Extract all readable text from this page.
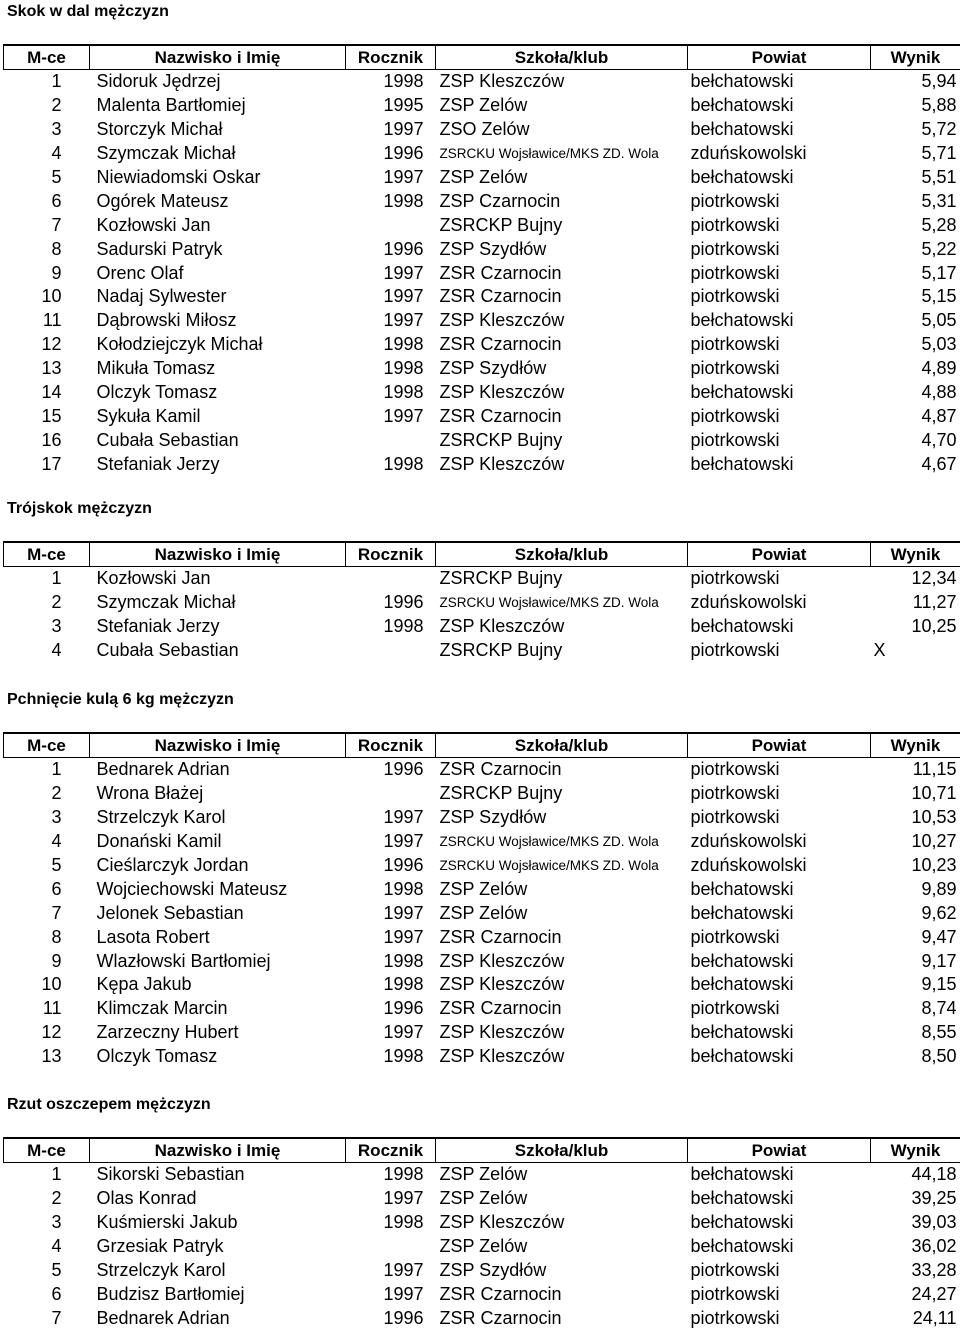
Skok w dal mężczyzn
M-ce	Nazwisko i Imię	Rocznik	Szkoła/klub	Powiat	Wynik
1	Sidoruk Jędrzej	1998	ZSP Kleszczów	bełchatowski	5,94
2	Malenta Bartłomiej	1995	ZSP Zelów	bełchatowski	5,88
3	Storczyk Michał	1997	ZSO Zelów	bełchatowski	5,72
4	Szymczak Michał	1996	ZSRCKU Wojsławice/MKS ZD. Wola	zduńskowolski	5,71
5	Niewiadomski Oskar	1997	ZSP Zelów	bełchatowski	5,51
6	Ogórek Mateusz	1998	ZSP Czarnocin	piotrkowski	5,31
7	Kozłowski Jan		ZSRCKP Bujny	piotrkowski	5,28
8	Sadurski Patryk	1996	ZSP Szydłów	piotrkowski	5,22
9	Orenc Olaf	1997	ZSR Czarnocin	piotrkowski	5,17
10	Nadaj Sylwester	1997	ZSR Czarnocin	piotrkowski	5,15
11	Dąbrowski Miłosz	1997	ZSP Kleszczów	bełchatowski	5,05
12	Kołodziejczyk Michał	1998	ZSR Czarnocin	piotrkowski	5,03
13	Mikuła Tomasz	1998	ZSP Szydłów	piotrkowski	4,89
14	Olczyk Tomasz	1998	ZSP Kleszczów	bełchatowski	4,88
15	Sykuła Kamil	1997	ZSR Czarnocin	piotrkowski	4,87
16	Cubała Sebastian		ZSRCKP Bujny	piotrkowski	4,70
17	Stefaniak Jerzy	1998	ZSP Kleszczów	bełchatowski	4,67
Trójskok mężczyzn
M-ce	Nazwisko i Imię	Rocznik	Szkoła/klub	Powiat	Wynik
1	Kozłowski Jan		ZSRCKP Bujny	piotrkowski	12,34
2	Szymczak Michał	1996	ZSRCKU Wojsławice/MKS ZD. Wola	zduńskowolski	11,27
3	Stefaniak Jerzy	1998	ZSP Kleszczów	bełchatowski	10,25
4	Cubała Sebastian		ZSRCKP Bujny	piotrkowski	X
Pchnięcie kulą 6 kg mężczyzn
M-ce	Nazwisko i Imię	Rocznik	Szkoła/klub	Powiat	Wynik
1	Bednarek Adrian	1996	ZSR Czarnocin	piotrkowski	11,15
2	Wrona Błażej		ZSRCKP Bujny	piotrkowski	10,71
3	Strzelczyk Karol	1997	ZSP Szydłów	piotrkowski	10,53
4	Donański Kamil	1997	ZSRCKU Wojsławice/MKS ZD. Wola	zduńskowolski	10,27
5	Cieślarczyk Jordan	1996	ZSRCKU Wojsławice/MKS ZD. Wola	zduńskowolski	10,23
6	Wojciechowski Mateusz	1998	ZSP Zelów	bełchatowski	9,89
7	Jelonek Sebastian	1997	ZSP Zelów	bełchatowski	9,62
8	Lasota Robert	1997	ZSR Czarnocin	piotrkowski	9,47
9	Wlazłowski Bartłomiej	1998	ZSP Kleszczów	bełchatowski	9,17
10	Kępa Jakub	1998	ZSP Kleszczów	bełchatowski	9,15
11	Klimczak Marcin	1996	ZSR Czarnocin	piotrkowski	8,74
12	Zarzeczny Hubert	1997	ZSP Kleszczów	bełchatowski	8,55
13	Olczyk Tomasz	1998	ZSP Kleszczów	bełchatowski	8,50
Rzut oszczepem mężczyzn
M-ce	Nazwisko i Imię	Rocznik	Szkoła/klub	Powiat	Wynik
1	Sikorski Sebastian	1998	ZSP Zelów	bełchatowski	44,18
2	Olas Konrad	1997	ZSP Zelów	bełchatowski	39,25
3	Kuśmierski Jakub	1998	ZSP Kleszczów	bełchatowski	39,03
4	Grzesiak Patryk		ZSP Zelów	bełchatowski	36,02
5	Strzelczyk Karol	1997	ZSP Szydłów	piotrkowski	33,28
6	Budzisz Bartłomiej	1997	ZSR Czarnocin	piotrkowski	24,27
7	Bednarek Adrian	1996	ZSR Czarnocin	piotrkowski	24,11
